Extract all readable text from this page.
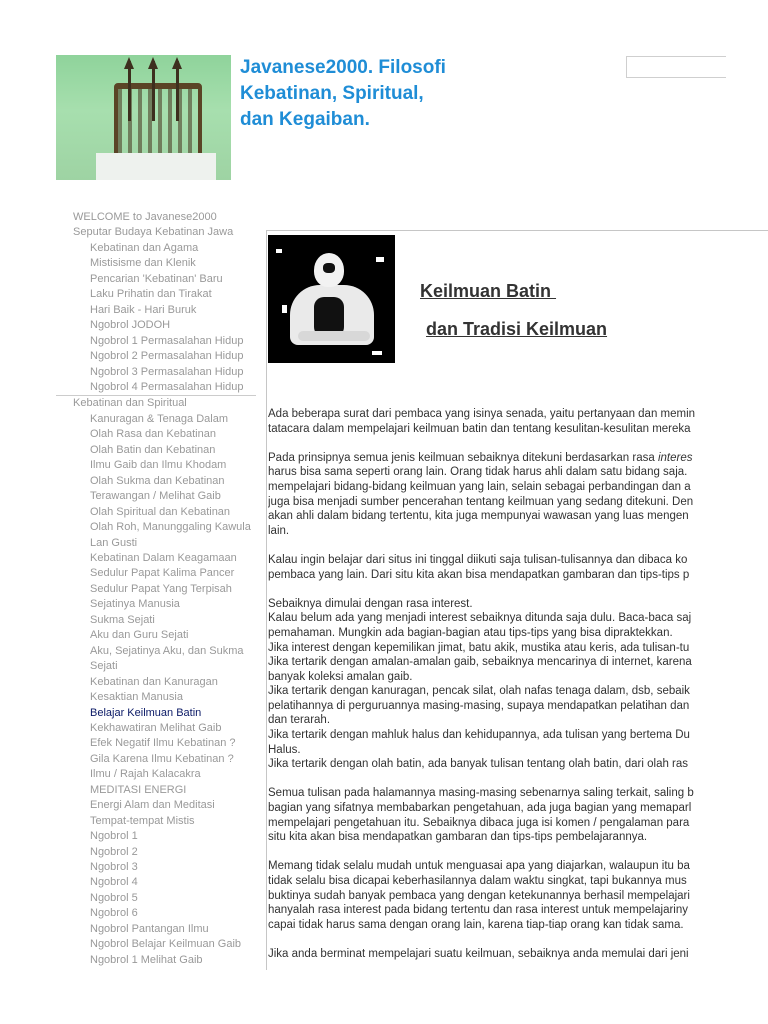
Javanese2000. Filosofi
Kebatinan, Spiritual,
dan Kegaiban.
WELCOME to Javanese2000
Seputar Budaya Kebatinan Jawa
Kebatinan dan Agama
Mistisisme dan Klenik
Pencarian 'Kebatinan' Baru
Laku Prihatin dan Tirakat
Hari Baik - Hari Buruk
Ngobrol JODOH
Ngobrol 1 Permasalahan Hidup
Ngobrol 2 Permasalahan Hidup
Ngobrol 3 Permasalahan Hidup
Ngobrol 4 Permasalahan Hidup
Kebatinan dan Spiritual
Kanuragan & Tenaga Dalam
Olah Rasa dan Kebatinan
Olah Batin dan Kebatinan
Ilmu Gaib dan Ilmu Khodam
Olah Sukma dan Kebatinan
Terawangan / Melihat Gaib
Olah Spiritual dan Kebatinan
Olah Roh, Manunggaling Kawula Lan Gusti
Kebatinan Dalam Keagamaan
Sedulur Papat Kalima Pancer
Sedulur Papat Yang Terpisah
Sejatinya Manusia
Sukma Sejati
Aku dan Guru Sejati
Aku, Sejatinya Aku, dan Sukma Sejati
Kebatinan dan Kanuragan
Kesaktian Manusia
Belajar Keilmuan Batin
Kekhawatiran Melihat Gaib
Efek Negatif Ilmu Kebatinan ?
Gila Karena Ilmu Kebatinan ?
Ilmu / Rajah Kalacakra
MEDITASI ENERGI
Energi Alam dan Meditasi
Tempat-tempat Mistis
Ngobrol 1
Ngobrol 2
Ngobrol 3
Ngobrol 4
Ngobrol 5
Ngobrol 6
Ngobrol Pantangan Ilmu
Ngobrol Belajar Keilmuan Gaib
Ngobrol 1 Melihat Gaib
Keilmuan Batin
dan Tradisi Keilmuan
Ada beberapa surat dari pembaca yang isinya senada, yaitu pertanyaan dan memin
tatacara dalam mempelajari keilmuan batin dan tentang kesulitan-kesulitan mereka
Pada prinsipnya semua jenis keilmuan sebaiknya ditekuni berdasarkan rasa interes
harus bisa sama seperti orang lain. Orang tidak harus ahli dalam satu bidang saja.
mempelajari bidang-bidang keilmuan yang lain, selain sebagai perbandingan dan a
juga bisa menjadi sumber pencerahan tentang keilmuan yang sedang ditekuni. Den
akan ahli dalam bidang tertentu, kita juga mempunyai wawasan yang luas mengen
lain.
Kalau ingin belajar dari situs ini tinggal diikuti saja tulisan-tulisannya dan dibaca ko
pembaca yang lain. Dari situ kita akan bisa mendapatkan gambaran dan tips-tips p
Sebaiknya dimulai dengan rasa interest.
Kalau belum ada yang menjadi interest sebaiknya ditunda saja dulu. Baca-baca saj
pemahaman. Mungkin ada bagian-bagian atau tips-tips yang bisa dipraktekkan.
Jika interest dengan kepemilikan jimat, batu akik, mustika atau keris, ada tulisan-tu
Jika tertarik dengan amalan-amalan gaib, sebaiknya mencarinya di internet, karena
banyak koleksi amalan gaib.
Jika tertarik dengan kanuragan, pencak silat, olah nafas tenaga dalam, dsb, sebaik
pelatihannya di perguruannya masing-masing, supaya mendapatkan pelatihan dan
dan terarah.
Jika tertarik dengan mahluk halus dan kehidupannya, ada tulisan yang bertema Du
Halus.
Jika tertarik dengan olah batin, ada banyak tulisan tentang olah batin, dari olah ras
Semua tulisan pada halamannya masing-masing sebenarnya saling terkait, saling b
bagian yang sifatnya membabarkan pengetahuan, ada juga bagian yang memaparl
mempelajari pengetahuan itu. Sebaiknya dibaca juga isi komen / pengalaman para
situ kita akan bisa mendapatkan gambaran dan tips-tips pembelajarannya.
Memang tidak selalu mudah untuk menguasai apa yang diajarkan, walaupun itu ba
tidak selalu bisa dicapai keberhasilannya dalam waktu singkat, tapi bukannya mus
buktinya sudah banyak pembaca yang dengan ketekunannya berhasil mempelajari
hanyalah rasa interest pada bidang tertentu dan rasa interest untuk mempelajariny
capai tidak harus sama dengan orang lain, karena tiap-tiap orang kan tidak sama.
Jika anda berminat mempelajari suatu keilmuan, sebaiknya anda memulai dari jeni
